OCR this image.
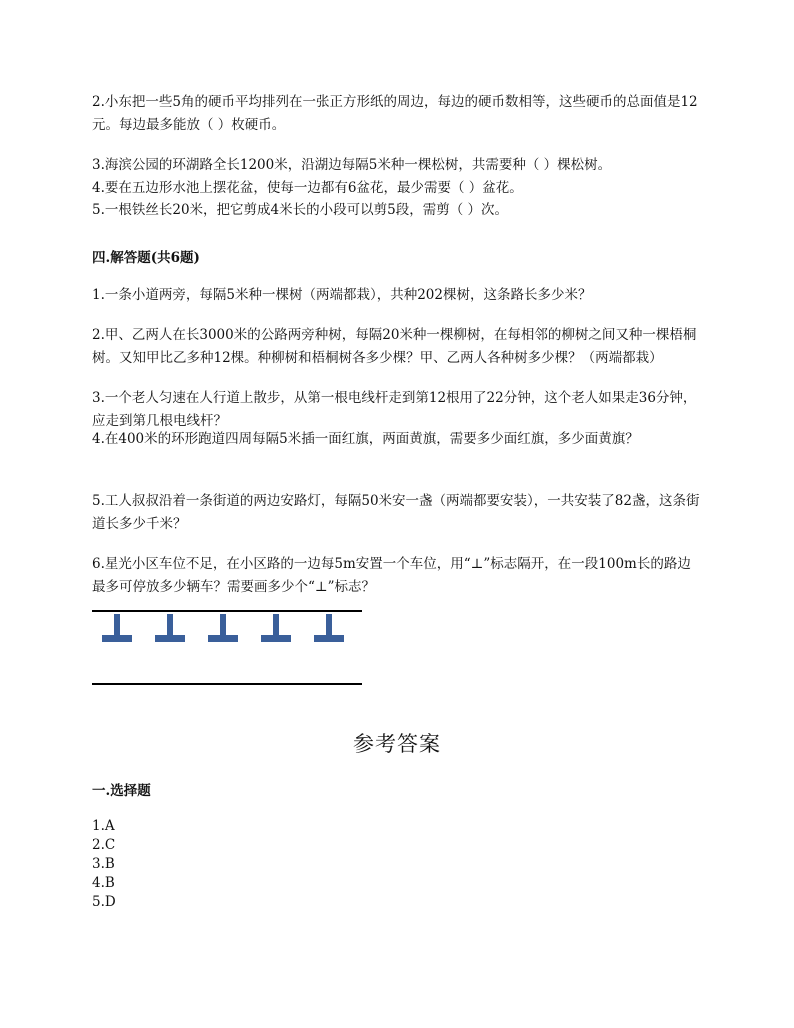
2.小东把一些5角的硬币平均排列在一张正方形纸的周边，每边的硬币数相等，这些硬币的总面值是12元。每边最多能放（ ）枚硬币。
3.海滨公园的环湖路全长1200米，沿湖边每隔5米种一棵松树，共需要种（ ）棵松树。
4.要在五边形水池上摆花盆，使每一边都有6盆花，最少需要（ ）盆花。
5.一根铁丝长20米，把它剪成4米长的小段可以剪5段，需剪（ ）次。
四.解答题(共6题)
1.一条小道两旁，每隔5米种一棵树（两端都栽），共种202棵树，这条路长多少米？
2.甲、乙两人在长3000米的公路两旁种树，每隔20米种一棵柳树，在每相邻的柳树之间又种一棵梧桐树。又知甲比乙多种12棵。种柳树和梧桐树各多少棵？甲、乙两人各种树多少棵？（两端都栽）
3.一个老人匀速在人行道上散步，从第一根电线杆走到第12根用了22分钟，这个老人如果走36分钟，应走到第几根电线杆？
4.在400米的环形跑道四周每隔5米插一面红旗，两面黄旗，需要多少面红旗，多少面黄旗？
5.工人叔叔沿着一条街道的两边安路灯，每隔50米安一盏（两端都要安装），一共安装了82盏，这条街道长多少千米？
6.星光小区车位不足，在小区路的一边每5m安置一个车位，用“⊥”标志隔开，在一段100m长的路边最多可停放多少辆车？需要画多少个“⊥”标志？
参考答案
一.选择题
1.A
2.C
3.B
4.B
5.D
